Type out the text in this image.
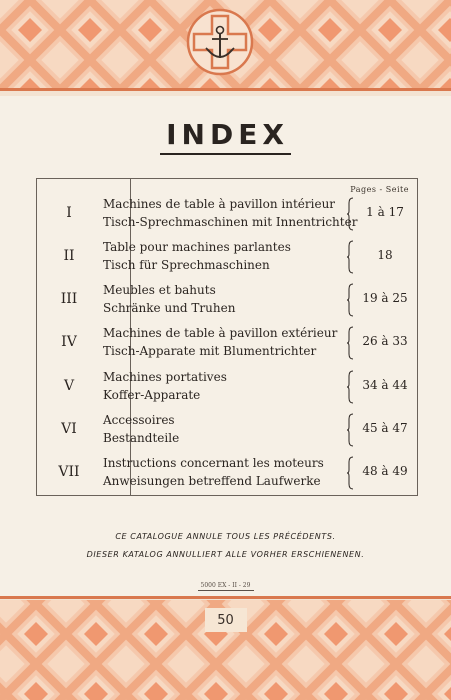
INDEX
Pages - Seite
I
Machines de table à pavillon intérieur
Tisch-Sprechmaschinen mit Innentrichter
1 à 17
II
Table pour machines parlantes
Tisch für Sprechmaschinen
18
III
Meubles et bahuts
Schränke und Truhen
19 à 25
IV
Machines de table à pavillon extérieur
Tisch-Apparate mit Blumentrichter
26 à 33
V
Machines portatives
Koffer-Apparate
34 à 44
VI
Accessoires
Bestandteile
45 à 47
VII
Instructions concernant les moteurs
Anweisungen betreffend Laufwerke
48 à 49
CE CATALOGUE ANNULE TOUS LES PRÉCÉDENTS.
DIESER KATALOG ANNULLIERT ALLE VORHER ERSCHIENENEN.
5000 EX - II - 29
50
